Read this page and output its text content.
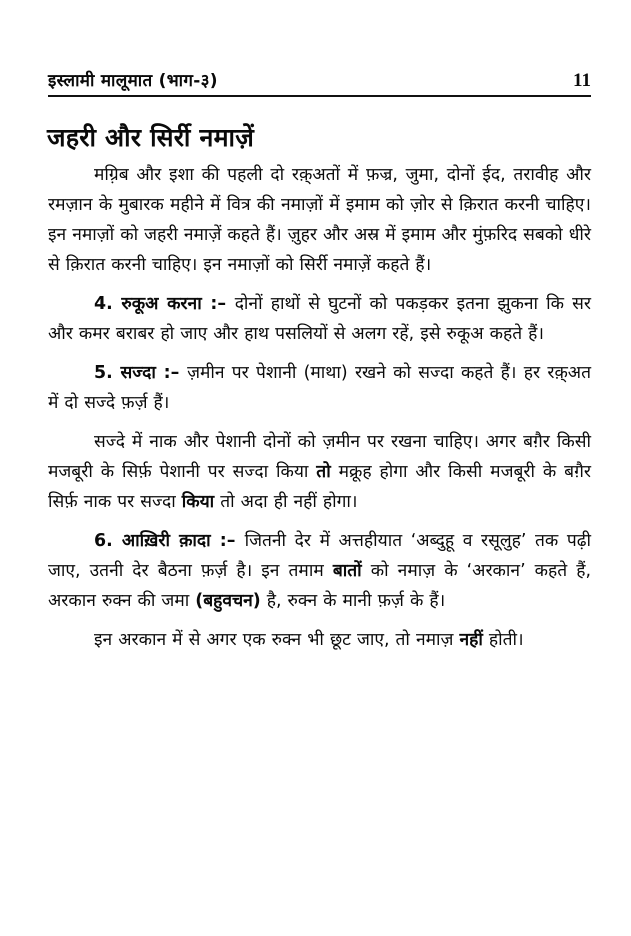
इस्लामी मालूमात (भाग-३)	11
जहरी और सिर्री नमाज़ें

मग़्रिब और इशा की पहली दो रक़्अतों में फ़ज्र, जुमा, दोनों ईद, तरावीह और रमज़ान के मुबारक महीने में वित्र की नमाज़ों में इमाम को ज़ोर से क़िरात करनी चाहिए। इन नमाज़ों को जहरी नमाज़ें कहते हैं। ज़ुहर और अस्र में इमाम और मुंफ़रिद सबको धीरे से क़िरात करनी चाहिए। इन नमाज़ों को सिर्री नमाज़ें कहते हैं।

4. रुकूअ करना :– दोनों हाथों से घुटनों को पकड़कर इतना झुकना कि सर और कमर बराबर हो जाए और हाथ पसलियों से अलग रहें, इसे रुकूअ कहते हैं।

5. सज्दा :– ज़मीन पर पेशानी (माथा) रखने को सज्दा कहते हैं। हर रक़्अत में दो सज्दे फ़र्ज़ हैं।

सज्दे में नाक और पेशानी दोनों को ज़मीन पर रखना चाहिए। अगर बग़ैर किसी मजबूरी के सिर्फ़ पेशानी पर सज्दा किया तो मक्रूह होगा और किसी मजबूरी के बग़ैर सिर्फ़ नाक पर सज्दा किया तो अदा ही नहीं होगा।

6. आख़िरी क़ादा :– जितनी देर में अत्तहीयात ‘अब्दुहू व रसूलुह’ तक पढ़ी जाए, उतनी देर बैठना फ़र्ज़ है। इन तमाम बातों को नमाज़ के ‘अरकान’ कहते हैं, अरकान रुक्न की जमा (बहुवचन) है, रुक्न के मानी फ़र्ज़ के हैं।

इन अरकान में से अगर एक रुक्न भी छूट जाए, तो नमाज़ नहीं होती।
